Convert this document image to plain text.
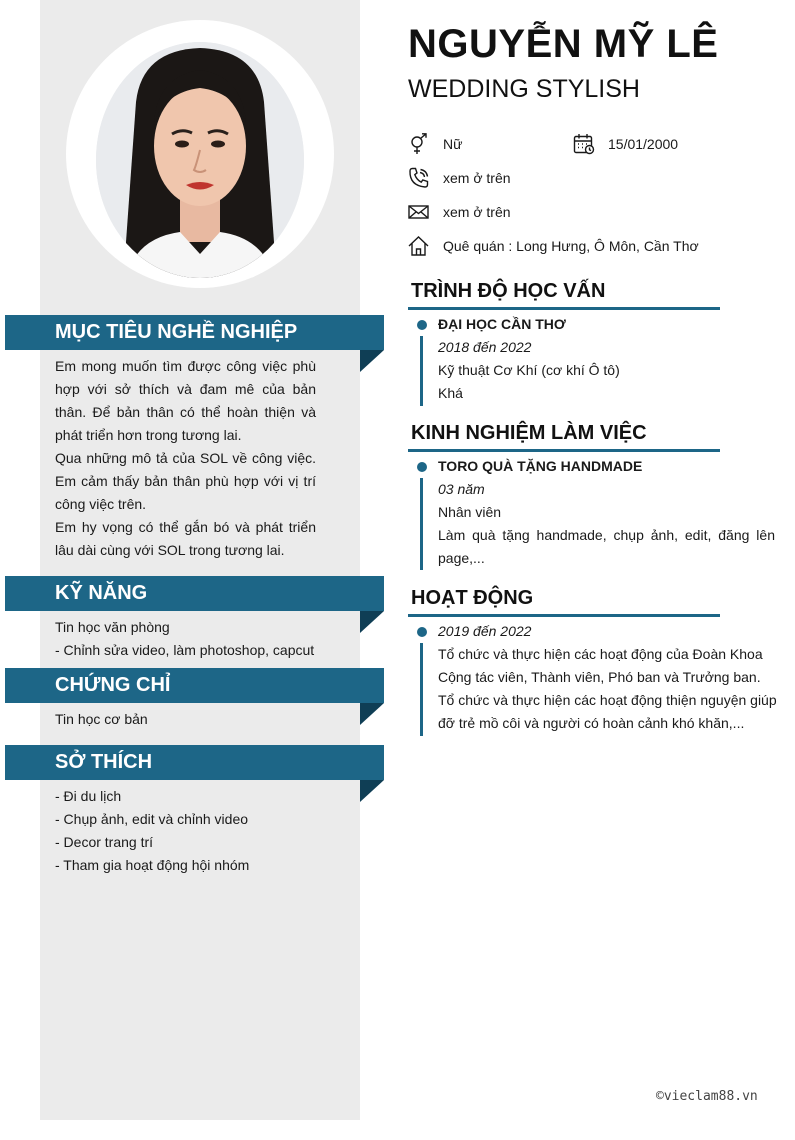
MỤC TIÊU NGHỀ NGHIỆP

Em mong muốn tìm được công việc phù hợp với sở thích và đam mê của bản thân. Để bản thân có thể hoàn thiện và phát triển hơn trong tương lai.

Qua những mô tả của SOL về công việc. Em cảm thấy bản thân phù hợp với vị trí công việc trên.

Em hy vọng có thể gắn bó và phát triển lâu dài cùng với SOL trong tương lai.

KỸ NĂNG
Tin học văn phòng
- Chỉnh sửa video, làm photoshop, capcut
CHỨNG CHỈ
Tin học cơ bản
SỞ THÍCH
- Đi du lịch
- Chụp ảnh, edit và chỉnh video
- Decor trang trí
- Tham gia hoạt động hội nhóm
NGUYỄN MỸ LÊ
WEDDING STYLISH
Nữ	15/01/2000
xem ở trên
xem ở trên
Quê quán : Long Hưng, Ô Môn, Cần Thơ
TRÌNH ĐỘ HỌC VẤN
ĐẠI HỌC CẦN THƠ
2018 đến 2022
Kỹ thuật Cơ Khí (cơ khí Ô tô)
Khá
KINH NGHIỆM LÀM VIỆC
TORO QUÀ TẶNG HANDMADE
03 năm
Nhân viên
Làm quà tặng handmade, chụp ảnh, edit, đăng lên page,...
HOẠT ĐỘNG
2019 đến 2022
Tổ chức và thực hiện các hoạt động của Đoàn Khoa
Cộng tác viên, Thành viên, Phó ban và Trưởng ban.
Tổ chức và thực hiện các hoạt động thiện nguyện giúp đỡ trẻ mồ côi và người có hoàn cảnh khó khăn,...
©vieclam88.vn
